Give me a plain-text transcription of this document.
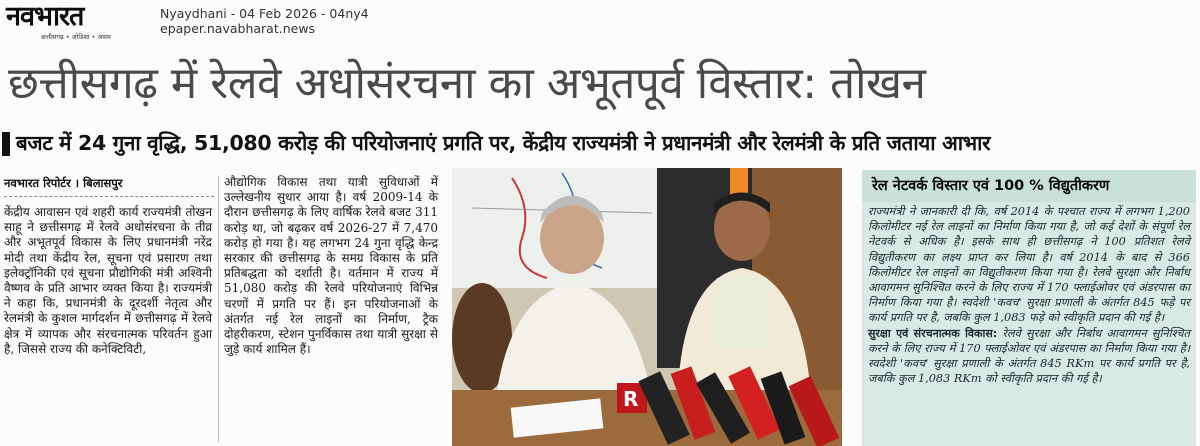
नवभारत
छत्तीसगढ़ • ओडिशा • असम
Nyaydhani - 04 Feb 2026 - 04ny4
epaper.navabharat.news
छत्तीसगढ़ में रेलवे अधोसंरचना का अभूतपूर्व विस्तार: तोखन
बजट में 24 गुना वृद्धि, 51,080 करोड़ की परियोजनाएं प्रगति पर, केंद्रीय राज्यमंत्री ने प्रधानमंत्री और रेलमंत्री के प्रति जताया आभार
नवभारत रिपोर्टर । बिलासपुर
केंद्रीय आवासन एवं शहरी कार्य राज्यमंत्री तोखन साहू ने छत्तीसगढ़ में रेलवे अधोसंरचना के तीव्र और अभूतपूर्व विकास के लिए प्रधानमंत्री नरेंद्र मोदी तथा केंद्रीय रेल, सूचना एवं प्रसारण तथा इलेक्ट्रॉनिकी एवं सूचना प्रौद्योगिकी मंत्री अश्विनी वैष्णव के प्रति आभार व्यक्त किया है। राज्यमंत्री ने कहा कि, प्रधानमंत्री के दूरदर्शी नेतृत्व और रेलमंत्री के कुशल मार्गदर्शन में छत्तीसगढ़ में रेलवे क्षेत्र में व्यापक और संरचनात्मक परिवर्तन हुआ है, जिससे राज्य की कनेक्टिविटी,
औद्योगिक विकास तथा यात्री सुविधाओं में उल्लेखनीय सुधार आया है। वर्ष 2009-14 के दौरान छत्तीसगढ़ के लिए वार्षिक रेलवे बजट 311 करोड़ था, जो बढ़कर वर्ष 2026-27 में 7,470 करोड़ हो गया है। यह लगभग 24 गुना वृद्धि केन्द्र सरकार की छत्तीसगढ़ के समग्र विकास के प्रति प्रतिबद्धता को दर्शाती है। वर्तमान में राज्य में 51,080 करोड़ की रेलवे परियोजनाएं विभिन्न चरणों में प्रगति पर हैं। इन परियोजनाओं के अंतर्गत नई रेल लाइनों का निर्माण, ट्रैक दोहरीकरण, स्टेशन पुनर्विकास तथा यात्री सुरक्षा से जुड़े कार्य शामिल हैं।
R
रेल नेटवर्क विस्तार एवं 100 % विद्युतीकरण
राज्यमंत्री ने जानकारी दी कि, वर्ष 2014 के पश्चात राज्य में लगभग 1,200 किलोमीटर नई रेल लाइनों का निर्माण किया गया है, जो कई देशों के संपूर्ण रेल नेटवर्क से अधिक है। इसके साथ ही छत्तीसगढ़ ने 100 प्रतिशत रेलवे विद्युतीकरण का लक्ष्य प्राप्त कर लिया है। वर्ष 2014 के बाद से 366 किलोमीटर रेल लाइनों का विद्युतीकरण किया गया है। रेलवे सुरक्षा और निर्बाध आवागमन सुनिश्चित करने के लिए राज्य में 170 फ्लाईओवर एवं अंडरपास का निर्माण किया गया है। स्वदेशी 'कवच' सुरक्षा प्रणाली के अंतर्गत 845 फड़े पर कार्य प्रगति पर है, जबकि कुल 1,083 फड़े को स्वीकृति प्रदान की गई है।
सुरक्षा एवं संरचनात्मक विकास: रेलवे सुरक्षा और निर्बाध आवागमन सुनिश्चित करने के लिए राज्य में 170 फ्लाईओवर एवं अंडरपास का निर्माण किया गया है। स्वदेशी 'कवच' सुरक्षा प्रणाली के अंतर्गत 845 RKm पर कार्य प्रगति पर है, जबकि कुल 1,083 RKm को स्वीकृति प्रदान की गई है।
